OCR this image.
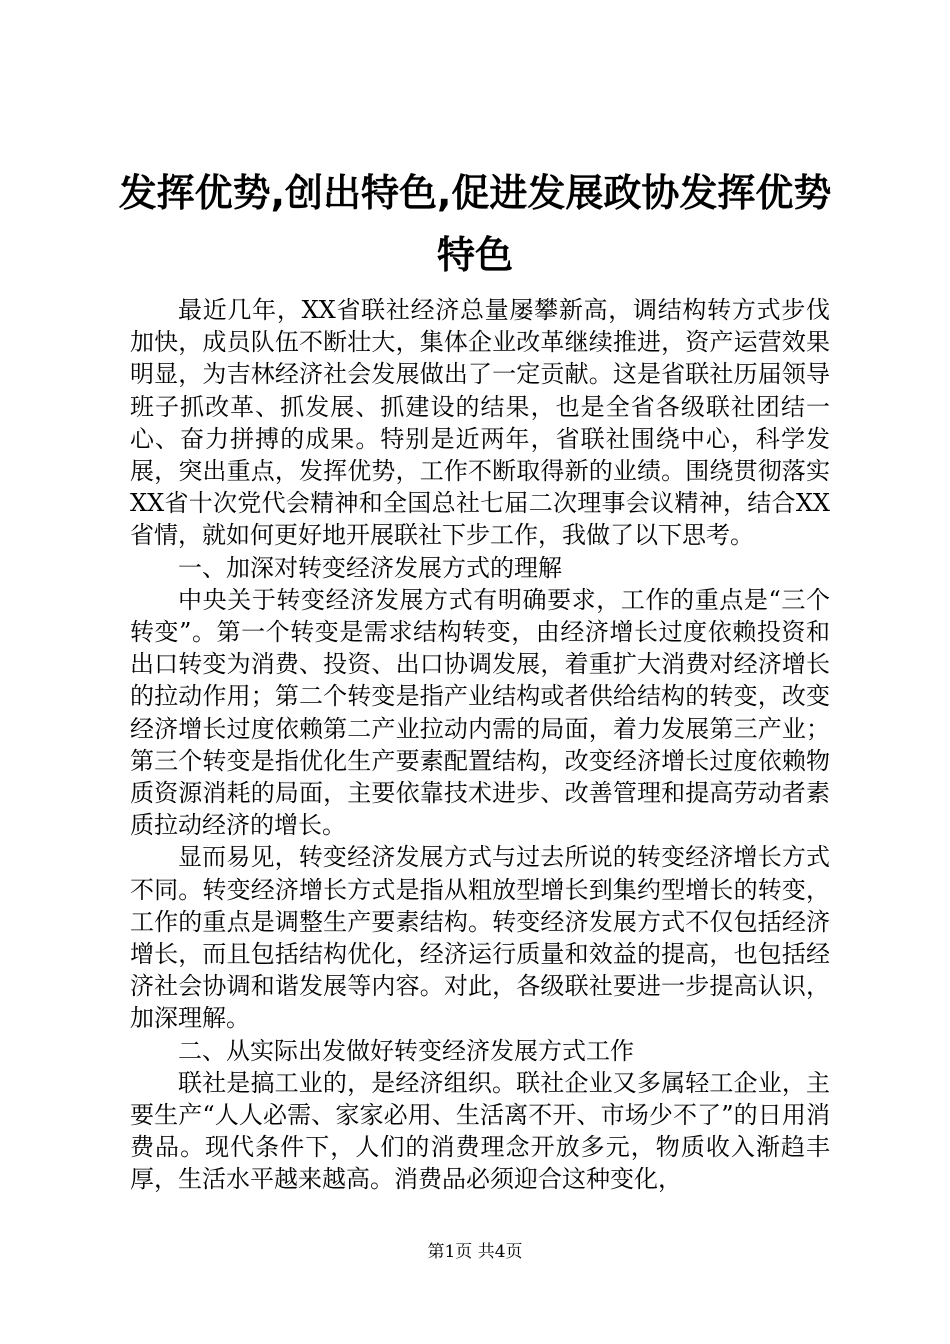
发挥优势,创出特色,促进发展政协发挥优势特色

最近几年，XX省联社经济总量屡攀新高，调结构转方式步伐加快，成员队伍不断壮大，集体企业改革继续推进，资产运营效果明显，为吉林经济社会发展做出了一定贡献。这是省联社历届领导班子抓改革、抓发展、抓建设的结果，也是全省各级联社团结一心、奋力拼搏的成果。特别是近两年，省联社围绕中心，科学发展，突出重点，发挥优势，工作不断取得新的业绩。围绕贯彻落实XX省十次党代会精神和全国总社七届二次理事会议精神，结合XX省情，就如何更好地开展联社下步工作，我做了以下思考。

一、加深对转变经济发展方式的理解

中央关于转变经济发展方式有明确要求，工作的重点是“三个转变”。第一个转变是需求结构转变，由经济增长过度依赖投资和出口转变为消费、投资、出口协调发展，着重扩大消费对经济增长的拉动作用；第二个转变是指产业结构或者供给结构的转变，改变经济增长过度依赖第二产业拉动内需的局面，着力发展第三产业；第三个转变是指优化生产要素配置结构，改变经济增长过度依赖物质资源消耗的局面，主要依靠技术进步、改善管理和提高劳动者素质拉动经济的增长。

显而易见，转变经济发展方式与过去所说的转变经济增长方式不同。转变经济增长方式是指从粗放型增长到集约型增长的转变，工作的重点是调整生产要素结构。转变经济发展方式不仅包括经济增长，而且包括结构优化，经济运行质量和效益的提高，也包括经济社会协调和谐发展等内容。对此，各级联社要进一步提高认识，加深理解。

二、从实际出发做好转变经济发展方式工作

联社是搞工业的，是经济组织。联社企业又多属轻工企业，主要生产“人人必需、家家必用、生活离不开、市场少不了”的日用消费品。现代条件下，人们的消费理念开放多元，物质收入渐趋丰厚，生活水平越来越高。消费品必须迎合这种变化，

第1页 共4页
